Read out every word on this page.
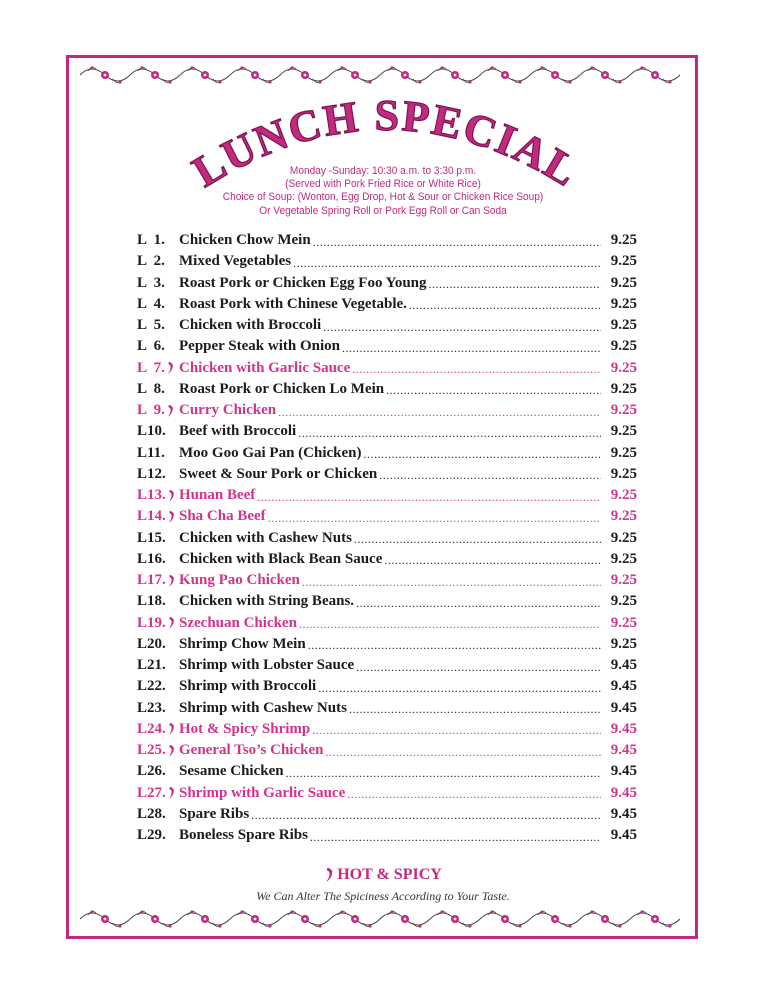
LUNCH SPECIAL
Monday -Sunday: 10:30 a.m. to 3:30 p.m.
(Served with Pork Fried Rice or White Rice)
Choice of Soup: (Wonton, Egg Drop, Hot & Sour or Chicken Rice Soup)
Or Vegetable Spring Roll or Pork Egg Roll or Can Soda
L  1. Chicken Chow Mein .....	9.25
L  2. Mixed Vegetables .....	9.25
L  3. Roast Pork or Chicken Egg Foo Young .....	9.25
L  4. Roast Pork with Chinese Vegetable. .....	9.25
L  5. Chicken with Broccoli .....	9.25
L  6. Pepper Steak with Onion .....	9.25
L  7. Chicken with Garlic Sauce .....	9.25
L  8. Roast Pork or Chicken Lo Mein .....	9.25
L  9. Curry Chicken .....	9.25
L10. Beef with Broccoli .....	9.25
L11. Moo Goo Gai Pan (Chicken) .....	9.25
L12. Sweet & Sour Pork or Chicken .....	9.25
L13. Hunan Beef .....	9.25
L14. Sha Cha Beef .....	9.25
L15. Chicken with Cashew Nuts .....	9.25
L16. Chicken with Black Bean Sauce .....	9.25
L17. Kung Pao Chicken .....	9.25
L18. Chicken with String Beans. .....	9.25
L19. Szechuan Chicken .....	9.25
L20. Shrimp Chow Mein .....	9.25
L21. Shrimp with Lobster Sauce .....	9.45
L22. Shrimp with Broccoli .....	9.45
L23. Shrimp with Cashew Nuts .....	9.45
L24. Hot & Spicy Shrimp .....	9.45
L25. General Tso’s Chicken .....	9.45
L26. Sesame Chicken .....	9.45
L27. Shrimp with Garlic Sauce .....	9.45
L28. Spare Ribs .....	9.45
L29. Boneless Spare Ribs .....	9.45
HOT & SPICY
We Can Alter The Spiciness According to Your Taste.
